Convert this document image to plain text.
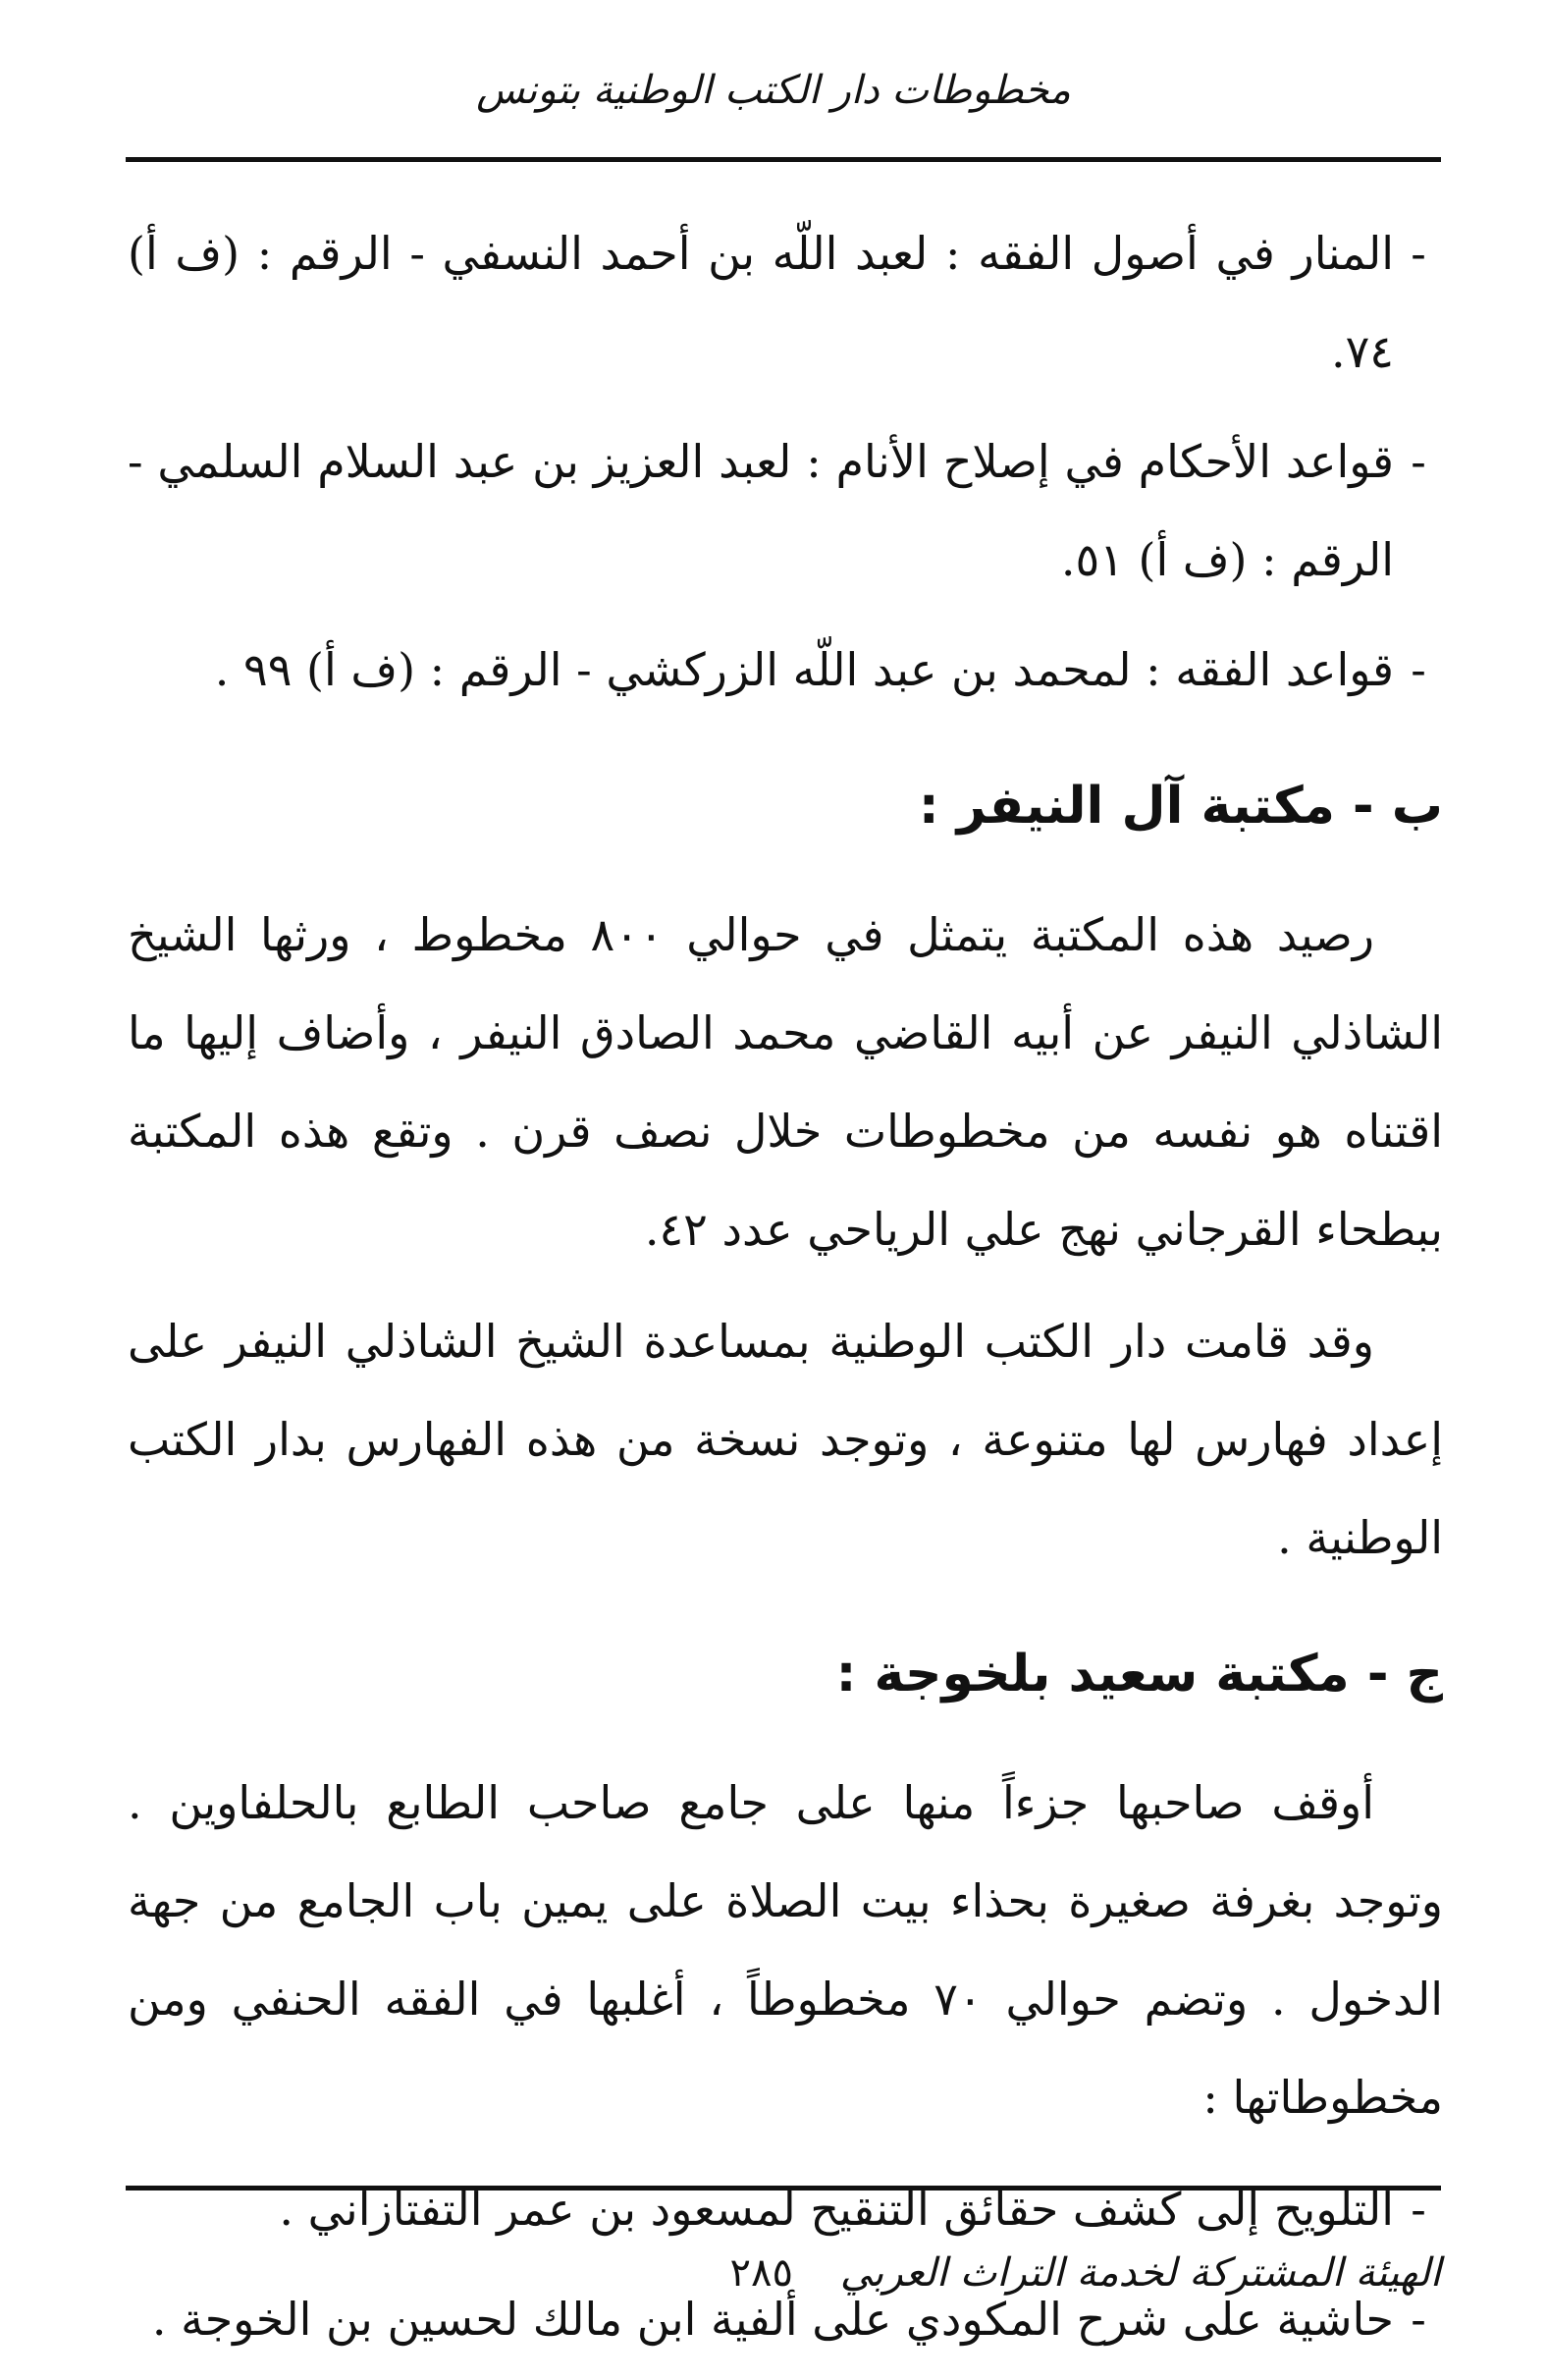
مخطوطات دار الكتب الوطنية بتونس

-المنار في أصول الفقه : لعبد اللّه بن أحمد النسفي - الرقم : (ف أ) ٧٤.

-قواعد الأحكام في إصلاح الأنام : لعبد العزيز بن عبد السلام السلمي - الرقم : (ف أ) ٥١.

-قواعد الفقه : لمحمد بن عبد اللّه الزركشي - الرقم : (ف أ) ٩٩ .

ب - مكتبة آل النيفر :

رصيد هذه المكتبة يتمثل في حوالي ٨٠٠ مخطوط ، ورثها الشيخ الشاذلي النيفر عن أبيه القاضي محمد الصادق النيفر ، وأضاف إليها ما اقتناه هو نفسه من مخطوطات خلال نصف قرن . وتقع هذه المكتبة ببطحاء القرجاني نهج علي الرياحي عدد ٤٢.

وقد قامت دار الكتب الوطنية بمساعدة الشيخ الشاذلي النيفر على إعداد فهارس لها متنوعة ، وتوجد نسخة من هذه الفهارس بدار الكتب الوطنية .

ج - مكتبة سعيد بلخوجة :

أوقف صاحبها جزءاً منها على جامع صاحب الطابع بالحلفاوين . وتوجد بغرفة صغيرة بحذاء بيت الصلاة على يمين باب الجامع من جهة الدخول . وتضم حوالي ٧٠ مخطوطاً ، أغلبها في الفقه الحنفي ومن مخطوطاتها :

-التلويح إلى كشف حقائق التنقيح لمسعود بن عمر التفتازاني .

-حاشية على شرح المكودي على ألفية ابن مالك لحسين بن الخوجة .

الهيئة المشتركة لخدمة التراث العربي
٢٨٥
